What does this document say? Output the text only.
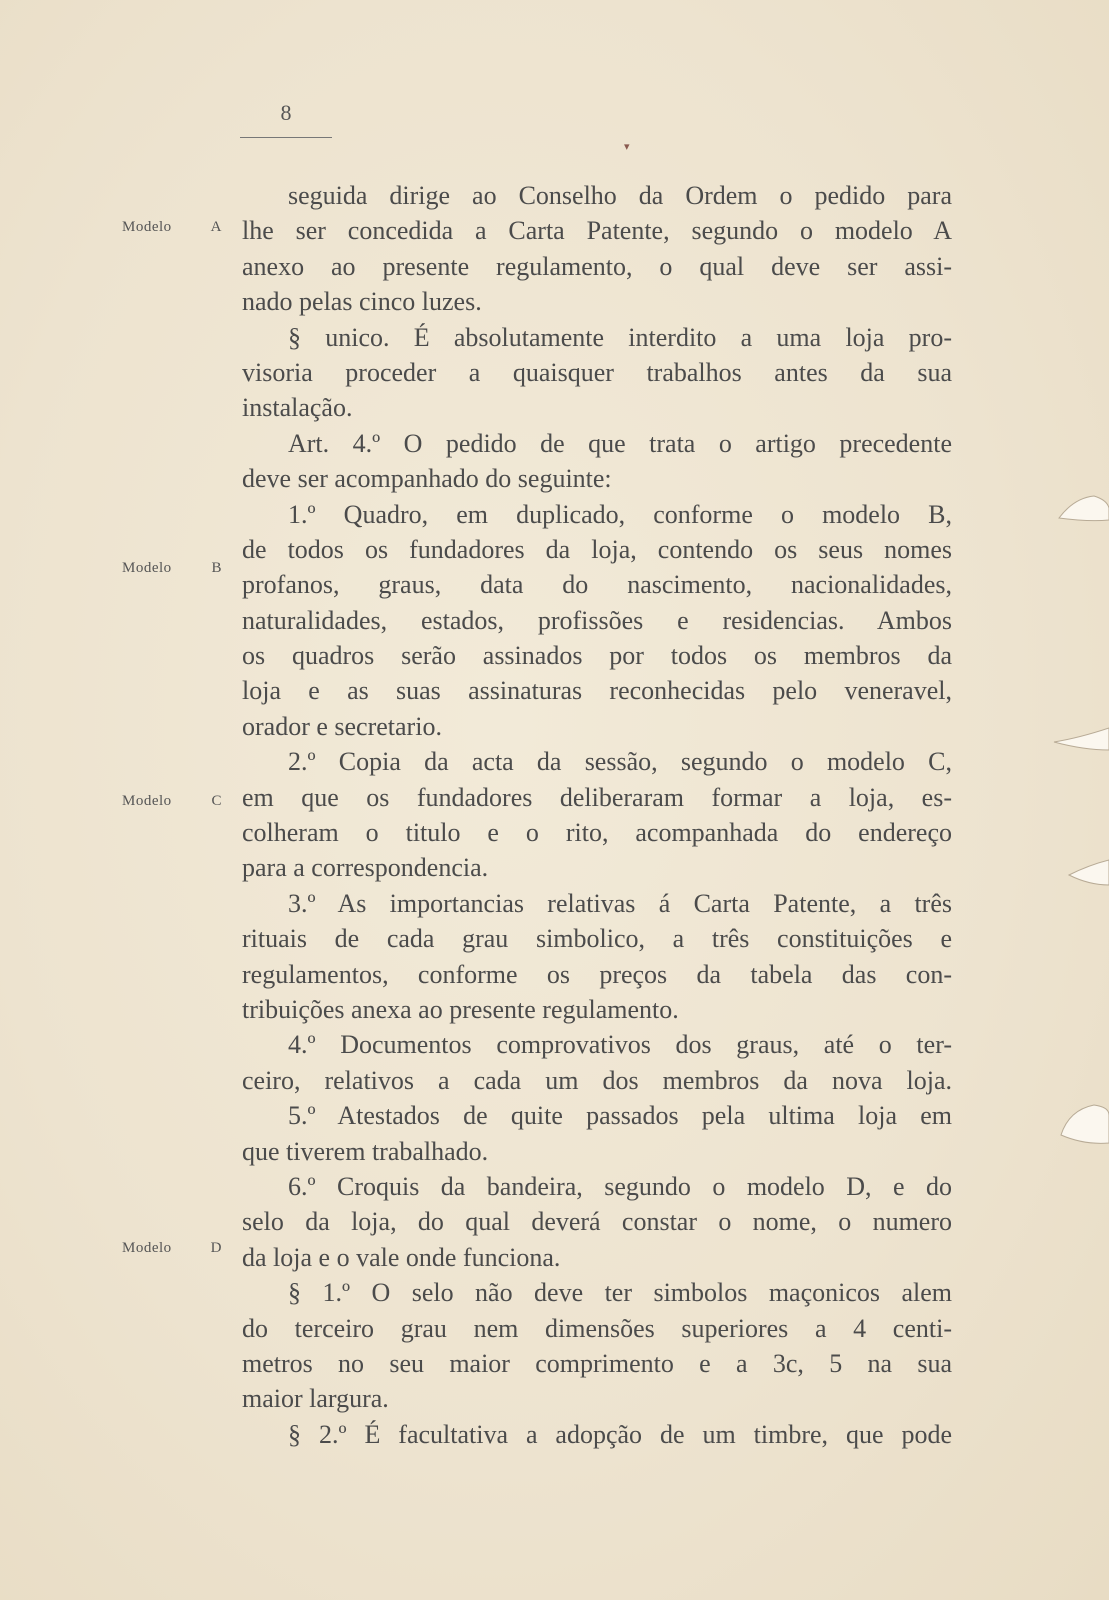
8
▾
Modelo A
Modelo B
Modelo C
Modelo D
seguida dirige ao Conselho da Ordem o pedido para
lhe ser concedida a Carta Patente, segundo o modelo A
anexo ao presente regulamento, o qual deve ser assi-
nado pelas cinco luzes.
§ unico. É absolutamente interdito a uma loja pro-
visoria proceder a quaisquer trabalhos antes da sua
instalação.
Art. 4.º O pedido de que trata o artigo precedente
deve ser acompanhado do seguinte:
1.º Quadro, em duplicado, conforme o modelo B,
de todos os fundadores da loja, contendo os seus nomes
profanos, graus, data do nascimento, nacionalidades,
naturalidades, estados, profissões e residencias. Ambos
os quadros serão assinados por todos os membros da
loja e as suas assinaturas reconhecidas pelo veneravel,
orador e secretario.
2.º Copia da acta da sessão, segundo o modelo C,
em que os fundadores deliberaram formar a loja, es-
colheram o titulo e o rito, acompanhada do endereço
para a correspondencia.
3.º As importancias relativas á Carta Patente, a três
rituais de cada grau simbolico, a três constituições e
regulamentos, conforme os preços da tabela das con-
tribuições anexa ao presente regulamento.
4.º Documentos comprovativos dos graus, até o ter-
ceiro, relativos a cada um dos membros da nova loja.
5.º Atestados de quite passados pela ultima loja em
que tiverem trabalhado.
6.º Croquis da bandeira, segundo o modelo D, e do
selo da loja, do qual deverá constar o nome, o numero
da loja e o vale onde funciona.
§ 1.º O selo não deve ter simbolos maçonicos alem
do terceiro grau nem dimensões superiores a 4 centi-
metros no seu maior comprimento e a 3c, 5 na sua
maior largura.
§ 2.º É facultativa a adopção de um timbre, que pode
